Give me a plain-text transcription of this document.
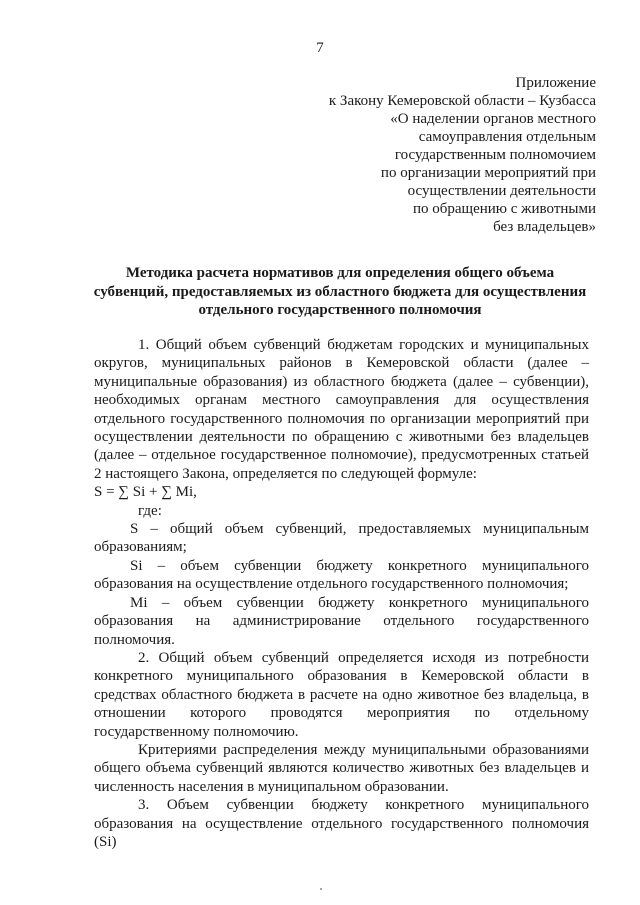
7
Приложение
к Закону Кемеровской области – Кузбасса
«О наделении органов местного
самоуправления отдельным
государственным полномочием
по организации мероприятий при
осуществлении деятельности
по обращению с животными
без владельцев»
Методика расчета нормативов для определения общего объема
субвенций, предоставляемых из областного бюджета для осуществления
отдельного государственного полномочия

1. Общий объем субвенций бюджетам городских и муниципальных округов, муниципальных районов в Кемеровской области (далее – муниципальные образования) из областного бюджета (далее – субвенции), необходимых органам местного самоуправления для осуществления отдельного государственного полномочия по организации мероприятий при осуществлении деятельности по обращению с животными без владельцев (далее – отдельное государственное полномочие), предусмотренных статьей 2 настоящего Закона, определяется по следующей формуле:

S = ∑ Si + ∑ Mi,

где:

S – общий объем субвенций, предоставляемых муниципальным образованиям;

Si – объем субвенции бюджету конкретного муниципального образования на осуществление отдельного государственного полномочия;

Mi – объем субвенции бюджету конкретного муниципального образования на администрирование отдельного государственного полномочия.

2. Общий объем субвенций определяется исходя из потребности конкретного муниципального образования в Кемеровской области в средствах областного бюджета в расчете на одно животное без владельца, в отношении которого проводятся мероприятия по отдельному государственному полномочию.

Критериями распределения между муниципальными образованиями общего объема субвенций являются количество животных без владельцев и численность населения в муниципальном образовании.

3. Объем субвенции бюджету конкретного муниципального образования на осуществление отдельного государственного полномочия (Si)
